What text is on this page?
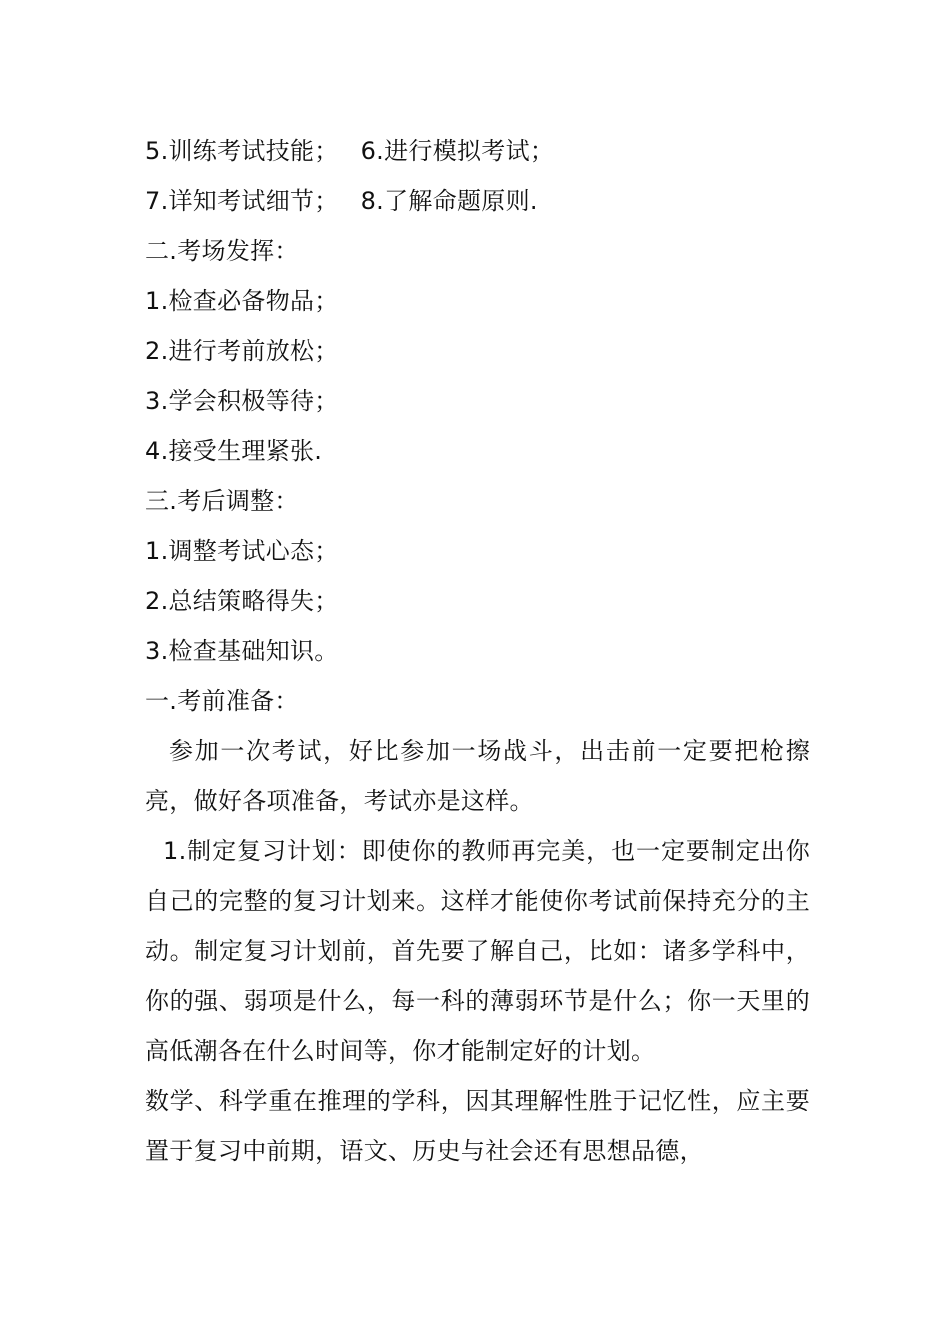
5.训练考试技能； 6.进行模拟考试；
7.详知考试细节； 8.了解命题原则.
二.考场发挥：
1.检查必备物品；
2.进行考前放松；
3.学会积极等待；
4.接受生理紧张.
三.考后调整：
1.调整考试心态；
2.总结策略得失；
3.检查基础知识。
一.考前准备：
参加一次考试，好比参加一场战斗，出击前一定要把枪擦亮，做好各项准备，考试亦是这样。
1.制定复习计划：即使你的教师再完美，也一定要制定出你自己的完整的复习计划来。这样才能使你考试前保持充分的主动。制定复习计划前，首先要了解自己，比如：诸多学科中，你的强、弱项是什么，每一科的薄弱环节是什么；你一天里的高低潮各在什么时间等，你才能制定好的计划。
数学、科学重在推理的学科，因其理解性胜于记忆性，应主要置于复习中前期，语文、历史与社会还有思想品德，
